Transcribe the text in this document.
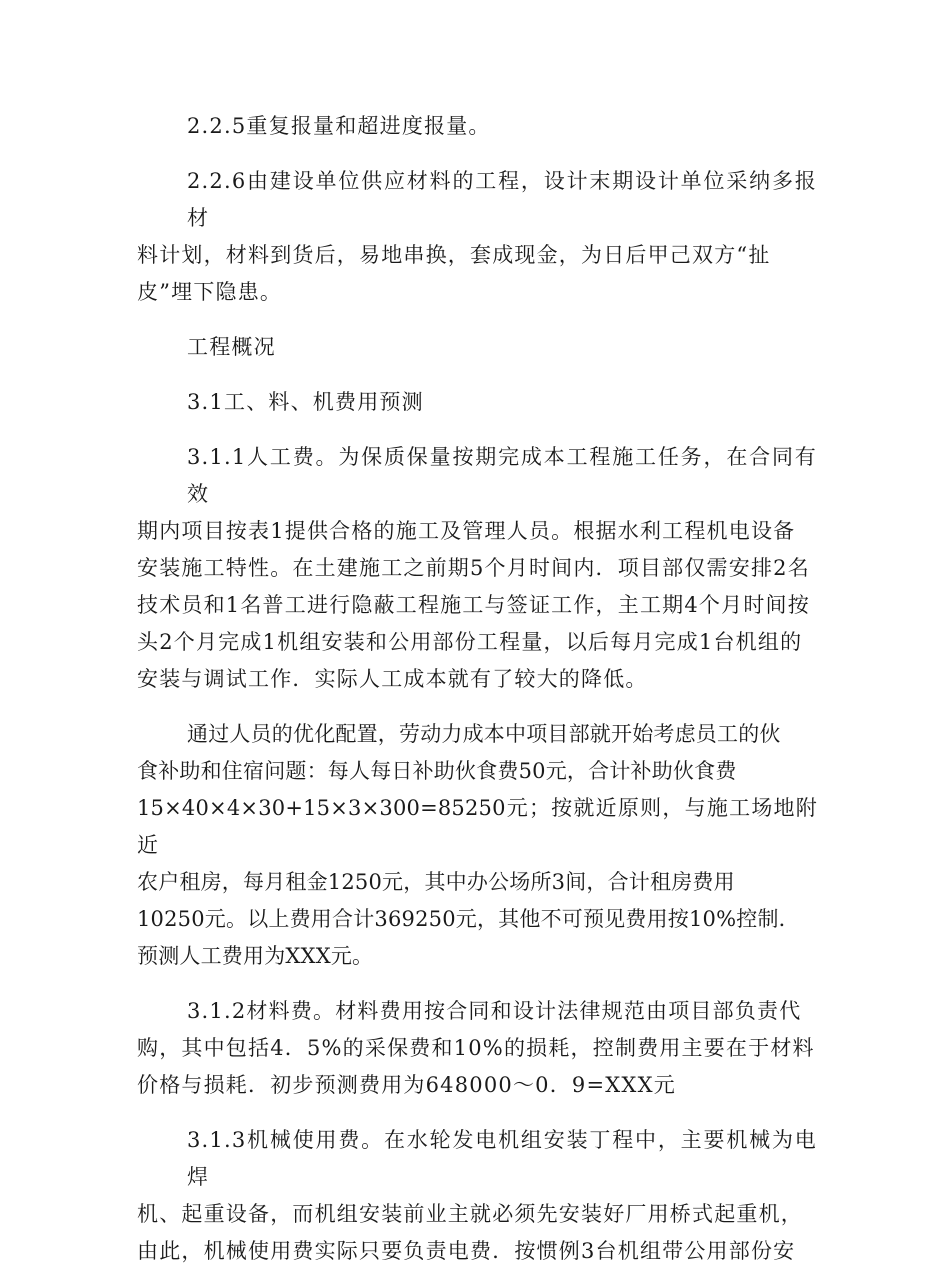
2.2.5重复报量和超进度报量。

2.2.6由建设单位供应材料的工程，设计末期设计单位采纳多报材
料计划，材料到货后，易地串换，套成现金，为日后甲己双方“扯
皮”埋下隐患。

工程概况

3.1工、料、机费用预测

3.1.1人工费。为保质保量按期完成本工程施工任务，在合同有效
期内项目按表1提供合格的施工及管理人员。根据水利工程机电设备
安装施工特性。在土建施工之前期5个月时间内．项目部仅需安排2名
技术员和1名普工进行隐蔽工程施工与签证工作，主工期4个月时间按
头2个月完成1机组安装和公用部份工程量，以后每月完成1台机组的
安装与调试工作．实际人工成本就有了较大的降低。

通过人员的优化配置，劳动力成本中项目部就开始考虑员工的伙
食补助和住宿问题：每人每日补助伙食费50元，合计补助伙食费
15×40×4×30+15×3×300=85250元；按就近原则，与施工场地附近
农户租房，每月租金1250元，其中办公场所3间，合计租房费用
10250元。以上费用合计369250元，其他不可预见费用按10%控制．
预测人工费用为XXX元。

3.1.2材料费。材料费用按合同和设计法律规范由项目部负责代
购，其中包括4．5%的采保费和10%的损耗，控制费用主要在于材料
价格与损耗．初步预测费用为648000～0．9=XXX元

3.1.3机械使用费。在水轮发电机组安装丁程中，主要机械为电焊
机、起重设备，而机组安装前业主就必须先安装好厂用桥式起重机，
由此，机械使用费实际只要负责电费．按惯例3台机组带公用部份安
